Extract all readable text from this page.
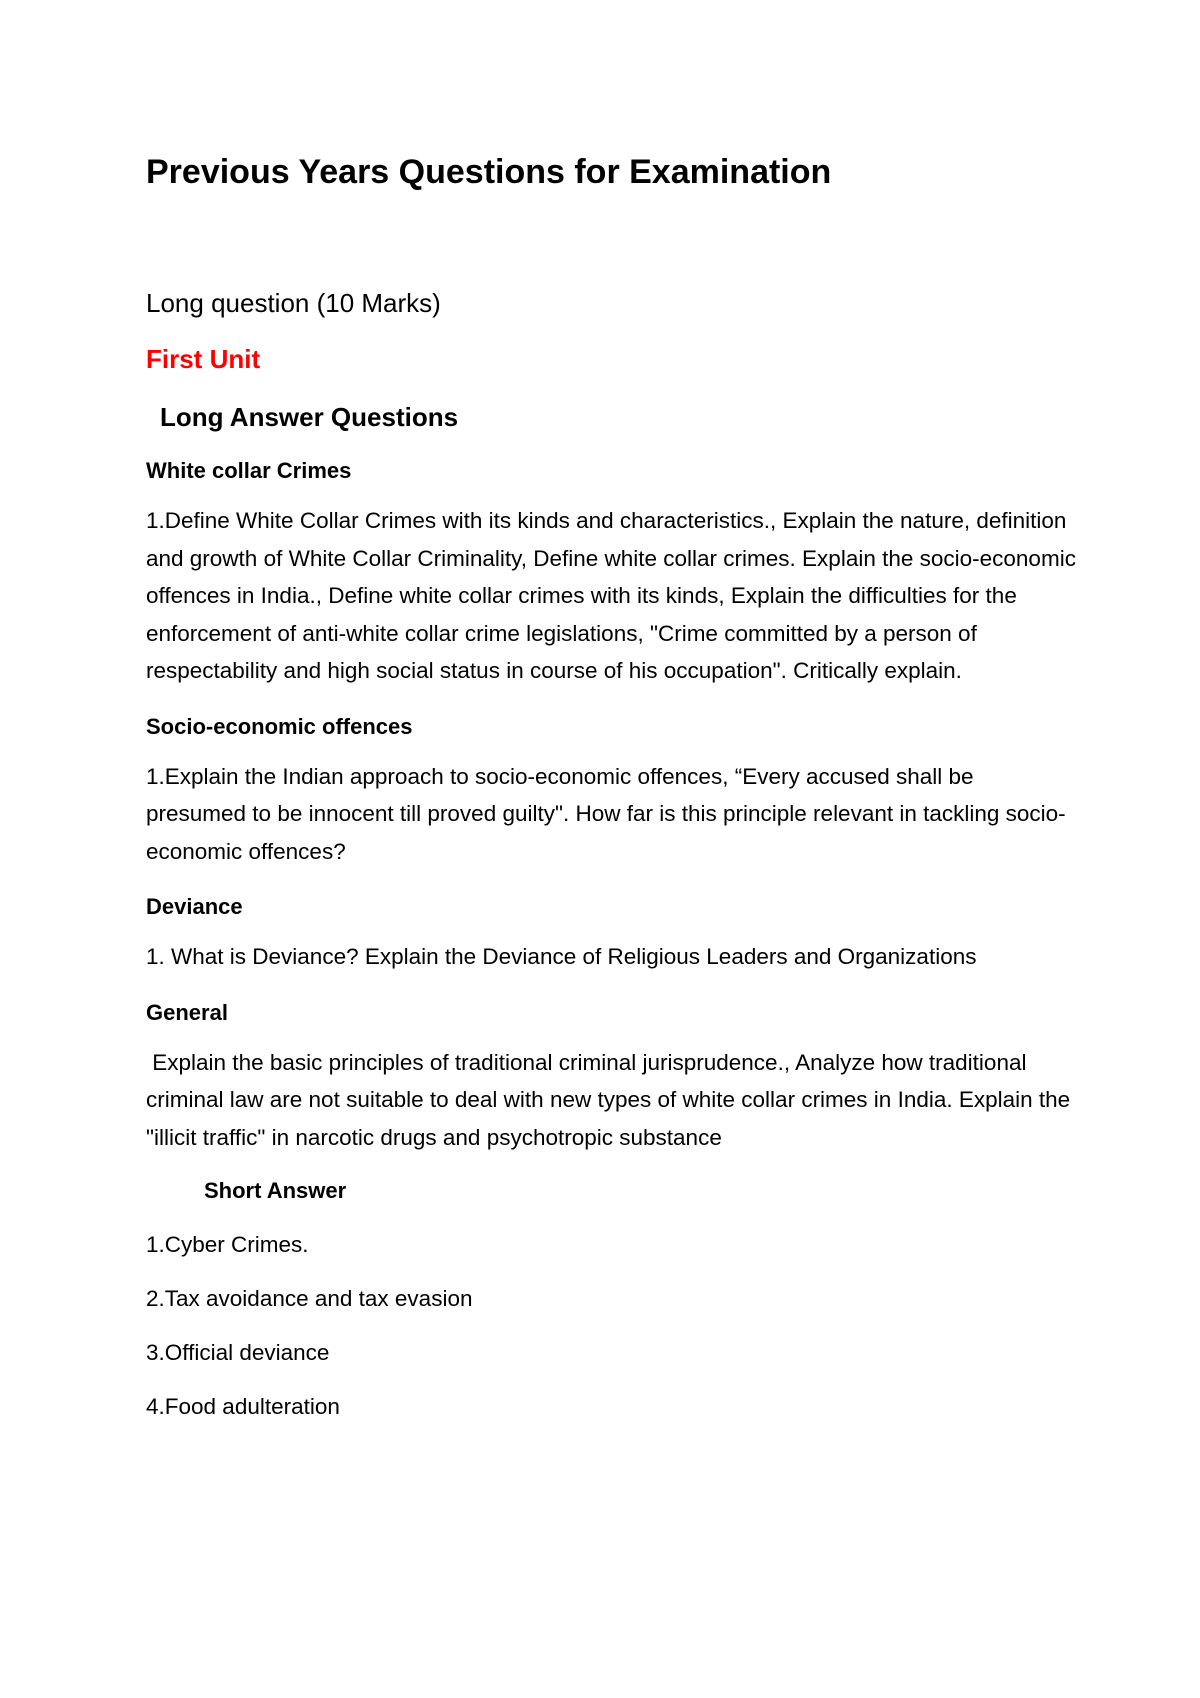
Previous Years Questions for Examination
Long question (10 Marks)
First Unit
Long Answer Questions
White collar Crimes

1.Define White Collar Crimes with its kinds and characteristics., Explain the nature, definition and growth of White Collar Criminality, Define white collar crimes. Explain the socio-economic offences in India., Define white collar crimes with its kinds, Explain the difficulties for the enforcement of anti-white collar crime legislations, "Crime committed by a person of respectability and high social status in course of his occupation". Critically explain.

Socio-economic offences

1.Explain the Indian approach to socio-economic offences, “Every accused shall be presumed to be innocent till proved guilty". How far is this principle relevant in tackling socio-economic offences?

Deviance

1. What is Deviance? Explain the Deviance of Religious Leaders and Organizations

General

Explain the basic principles of traditional criminal jurisprudence., Analyze how traditional criminal law are not suitable to deal with new types of white collar crimes in India. Explain the "illicit traffic" in narcotic drugs and psychotropic substance

Short Answer
1.Cyber Crimes.
2.Tax avoidance and tax evasion
3.Official deviance
4.Food adulteration
